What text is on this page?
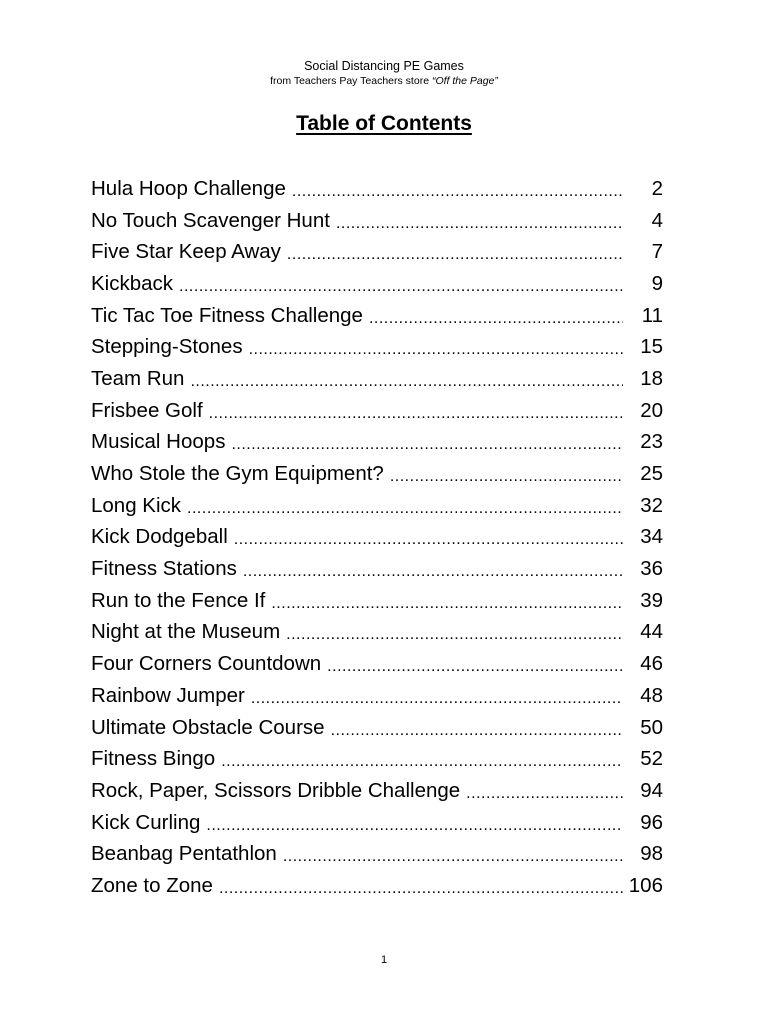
Social Distancing PE Games
from Teachers Pay Teachers store “Off the Page”
Table of Contents
Hula Hoop Challenge .....	2
No Touch Scavenger Hunt .....	4
Five Star Keep Away .....	7
Kickback .....	9
Tic Tac Toe Fitness Challenge .....	11
Stepping-Stones .....	15
Team Run .....	18
Frisbee Golf .....	20
Musical Hoops .....	23
Who Stole the Gym Equipment? .....	25
Long Kick .....	32
Kick Dodgeball .....	34
Fitness Stations .....	36
Run to the Fence If .....	39
Night at the Museum .....	44
Four Corners Countdown .....	46
Rainbow Jumper .....	48
Ultimate Obstacle Course .....	50
Fitness Bingo .....	52
Rock, Paper, Scissors Dribble Challenge .....	94
Kick Curling .....	96
Beanbag Pentathlon .....	98
Zone to Zone .....	106
1
